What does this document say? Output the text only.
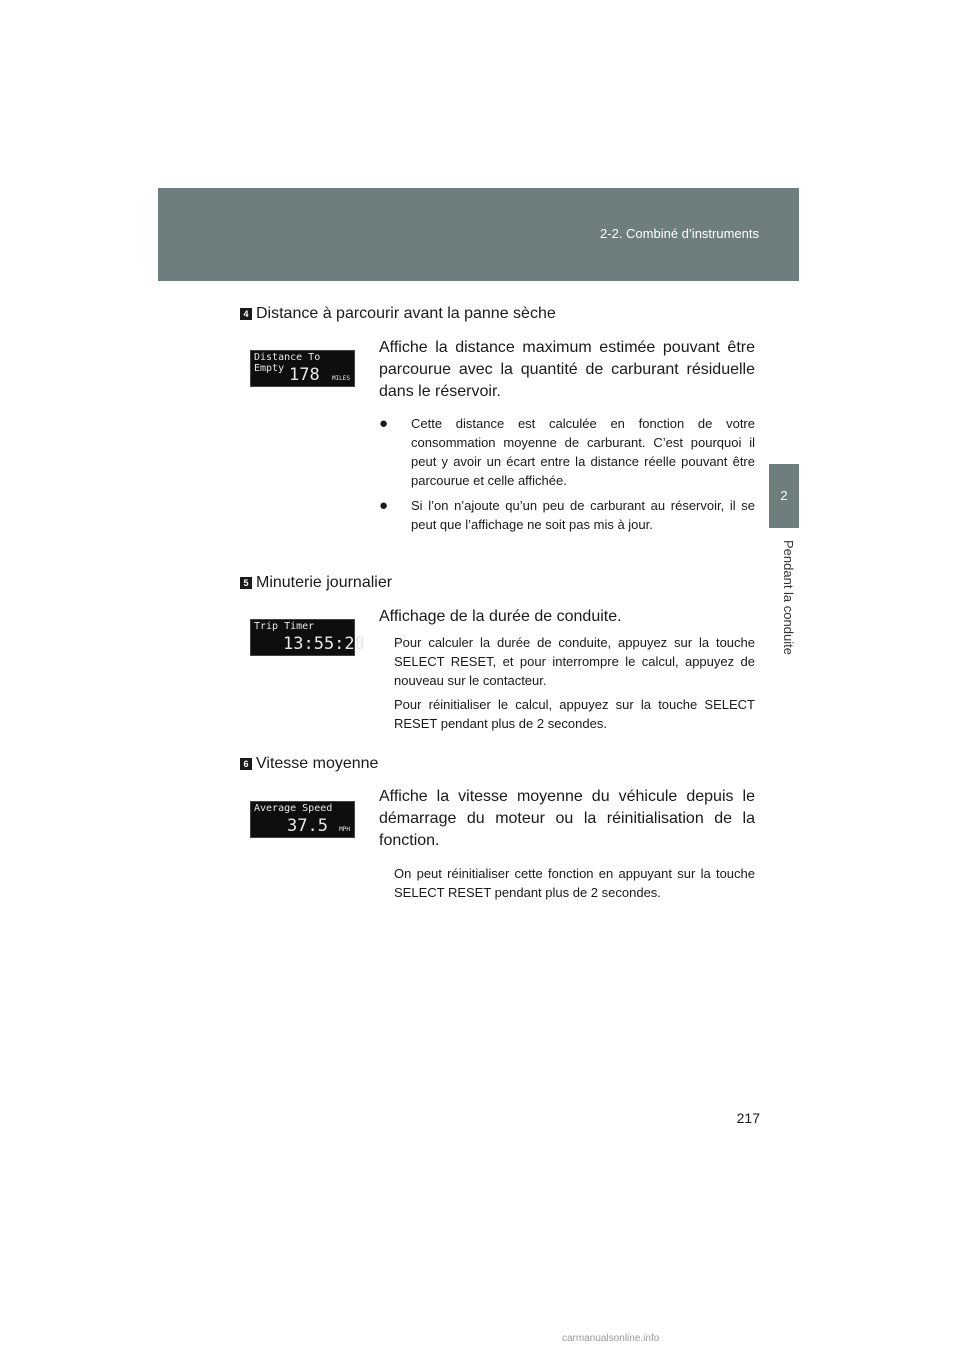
2-2. Combiné d’instruments
2
Pendant la conduite
4 Distance à parcourir avant la panne sèche
Distance To Empty 178 MILES
Affiche la distance maximum estimée pouvant être parcourue avec la quantité de carburant résiduelle dans le réservoir.
● Cette distance est calculée en fonction de votre consommation moyenne de carburant. C’est pourquoi il peut y avoir un écart entre la distance réelle pouvant être parcourue et celle affichée.
● Si l’on n’ajoute qu’un peu de carburant au réservoir, il se peut que l’affichage ne soit pas mis à jour.
5 Minuterie journalier
Trip Timer
13:55:28
Affichage de la durée de conduite.
Pour calculer la durée de conduite, appuyez sur la touche SELECT RESET, et pour interrompre le calcul, appuyez de nouveau sur le contacteur.
Pour réinitialiser le calcul, appuyez sur la touche SELECT RESET pendant plus de 2 secondes.
6 Vitesse moyenne
Average Speed
37.5 MPH
Affiche la vitesse moyenne du véhicule depuis le démarrage du moteur ou la réinitialisation de la fonction.
On peut réinitialiser cette fonction en appuyant sur la touche SELECT RESET pendant plus de 2 secondes.
217
carmanualsonline.info
